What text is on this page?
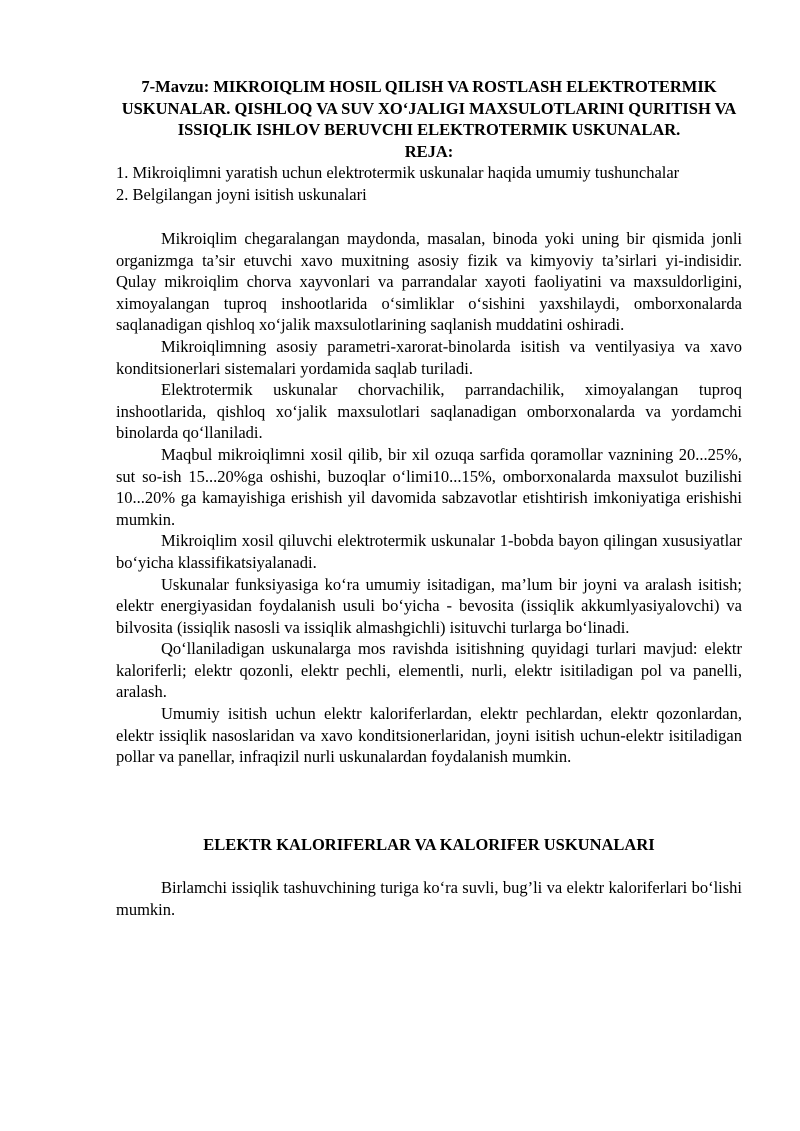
7-Mavzu: MIKROIQLIM HOSIL QILISH VA ROSTLASH ELEKTROTERMIK USKUNALAR. QISHLOQ VA SUV XO‘JALIGI MAXSULOTLARINI QURITISH VA ISSIQLIK ISHLOV BERUVCHI ELEKTROTERMIK USKUNALAR.
REJA:
1. Mikroiqlimni yaratish uchun elektrotermik uskunalar haqida umumiy tushunchalar
2. Belgilangan joyni isitish uskunalari

Mikroiqlim chegaralangan maydonda, masalan, binoda yoki uning bir qismida jonli organizmga ta’sir etuvchi xavo muxitning asosiy fizik va kimyoviy ta’sirlari yi-indisidir. Qulay mikroiqlim chorva xayvonlari va parrandalar xayoti faoliyatini va maxsuldorligini, ximoyalangan tuproq inshootlarida o‘simliklar o‘sishini yaxshilaydi, omborxonalarda saqlanadigan qishloq xo‘jalik maxsulotlarining saqlanish muddatini oshiradi.

Mikroiqlimning asosiy parametri-xarorat-binolarda isitish va ventilyasiya va xavo konditsionerlari sistemalari yordamida saqlab turiladi.

Elektrotermik uskunalar chorvachilik, parrandachilik, ximoyalangan tuproq inshootlarida, qishloq xo‘jalik maxsulotlari saqlanadigan omborxonalarda va yordamchi binolarda qo‘llaniladi.

Maqbul mikroiqlimni xosil qilib, bir xil ozuqa sarfida qoramollar vaznining 20...25%, sut so-ish 15...20%ga oshishi, buzoqlar o‘limi10...15%, omborxonalarda maxsulot buzilishi 10...20% ga kamayishiga erishish yil davomida sabzavotlar etishtirish imkoniyatiga erishishi mumkin.

Mikroiqlim xosil qiluvchi elektrotermik uskunalar 1-bobda bayon qilingan xususiyatlar bo‘yicha klassifikatsiyalanadi.

Uskunalar funksiyasiga ko‘ra umumiy isitadigan, ma’lum bir joyni va aralash isitish; elektr energiyasidan foydalanish usuli bo‘yicha - bevosita (issiqlik akkumlyasiyalovchi) va bilvosita (issiqlik nasosli va issiqlik almashgichli) isituvchi turlarga bo‘linadi.

Qo‘llaniladigan uskunalarga mos ravishda isitishning quyidagi turlari mavjud: elektr kaloriferli; elektr qozonli, elektr pechli, elementli, nurli, elektr isitiladigan pol va panelli, aralash.

Umumiy isitish uchun elektr kaloriferlardan, elektr pechlardan, elektr qozonlardan, elektr issiqlik nasoslaridan va xavo konditsionerlaridan, joyni isitish uchun-elektr isitiladigan pollar va panellar, infraqizil nurli uskunalardan foydalanish mumkin.

ELEKTR KALORIFERLAR VA KALORIFER USKUNALARI

Birlamchi issiqlik tashuvchining turiga ko‘ra suvli, bug’li va elektr kaloriferlari bo‘lishi mumkin.
